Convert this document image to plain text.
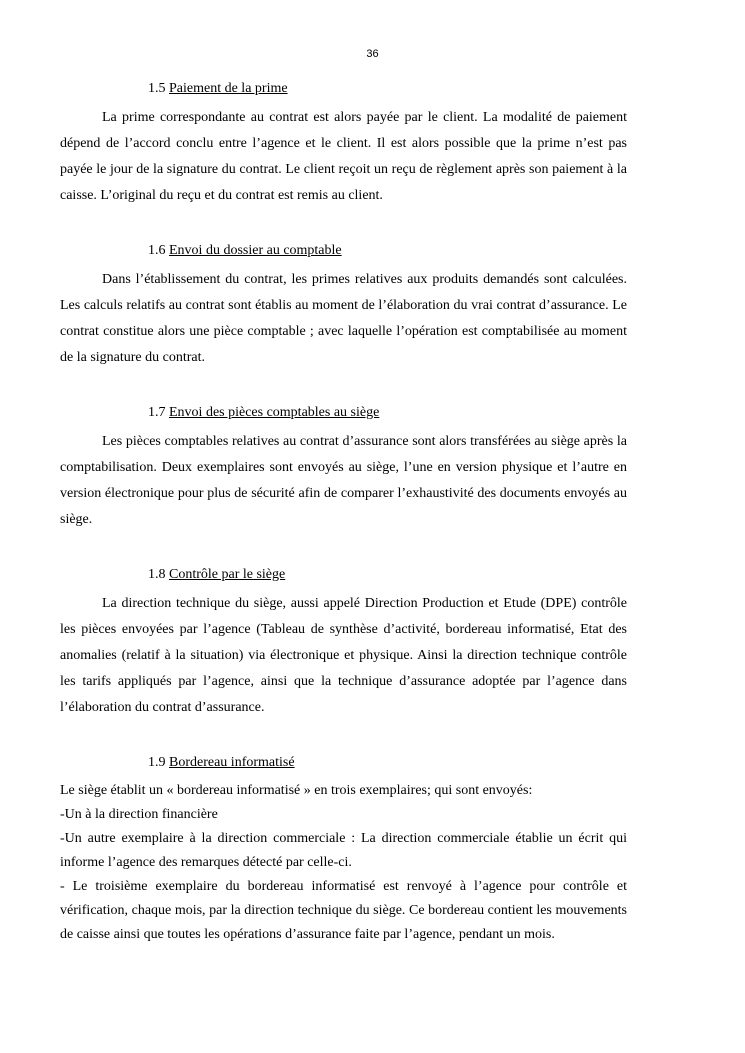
36
1.5 Paiement de la prime

La prime correspondante au contrat est alors payée par le client. La modalité de paiement dépend de l’accord conclu entre l’agence et le client. Il est alors possible que la prime n’est pas payée le jour de la signature du contrat. Le client reçoit un reçu de règlement après son paiement à la caisse. L’original du reçu et du contrat est remis au client.

1.6 Envoi du dossier au comptable

Dans l’établissement du contrat, les primes relatives aux produits demandés sont calculées. Les calculs relatifs au contrat sont établis au moment de l’élaboration du vrai contrat d’assurance. Le contrat constitue alors une pièce comptable ; avec laquelle l’opération est comptabilisée au moment de la signature du contrat.

1.7 Envoi des pièces comptables au siège

Les pièces comptables relatives au contrat d’assurance sont alors transférées au siège après la comptabilisation. Deux exemplaires sont envoyés au siège, l’une en version physique et l’autre en version électronique pour plus de sécurité afin de comparer l’exhaustivité des documents envoyés au siège.

1.8 Contrôle par le siège

La direction technique du siège, aussi appelé Direction Production et Etude (DPE) contrôle les pièces envoyées par l’agence (Tableau de synthèse d’activité, bordereau informatisé, Etat des anomalies (relatif à la situation) via électronique et physique. Ainsi la direction technique contrôle les tarifs appliqués par l’agence, ainsi que la technique d’assurance adoptée par l’agence dans l’élaboration du contrat d’assurance.

1.9 Bordereau informatisé

Le siège établit un « bordereau informatisé » en trois exemplaires; qui sont envoyés:

-Un à la direction financière

-Un autre exemplaire à la direction commerciale : La direction commerciale établie un écrit qui informe l’agence des remarques détecté par celle-ci.

- Le troisième exemplaire du bordereau informatisé est renvoyé à l’agence pour contrôle et vérification, chaque mois, par la direction technique du siège. Ce bordereau contient les mouvements de caisse ainsi que toutes les opérations d’assurance faite par l’agence, pendant un mois.
